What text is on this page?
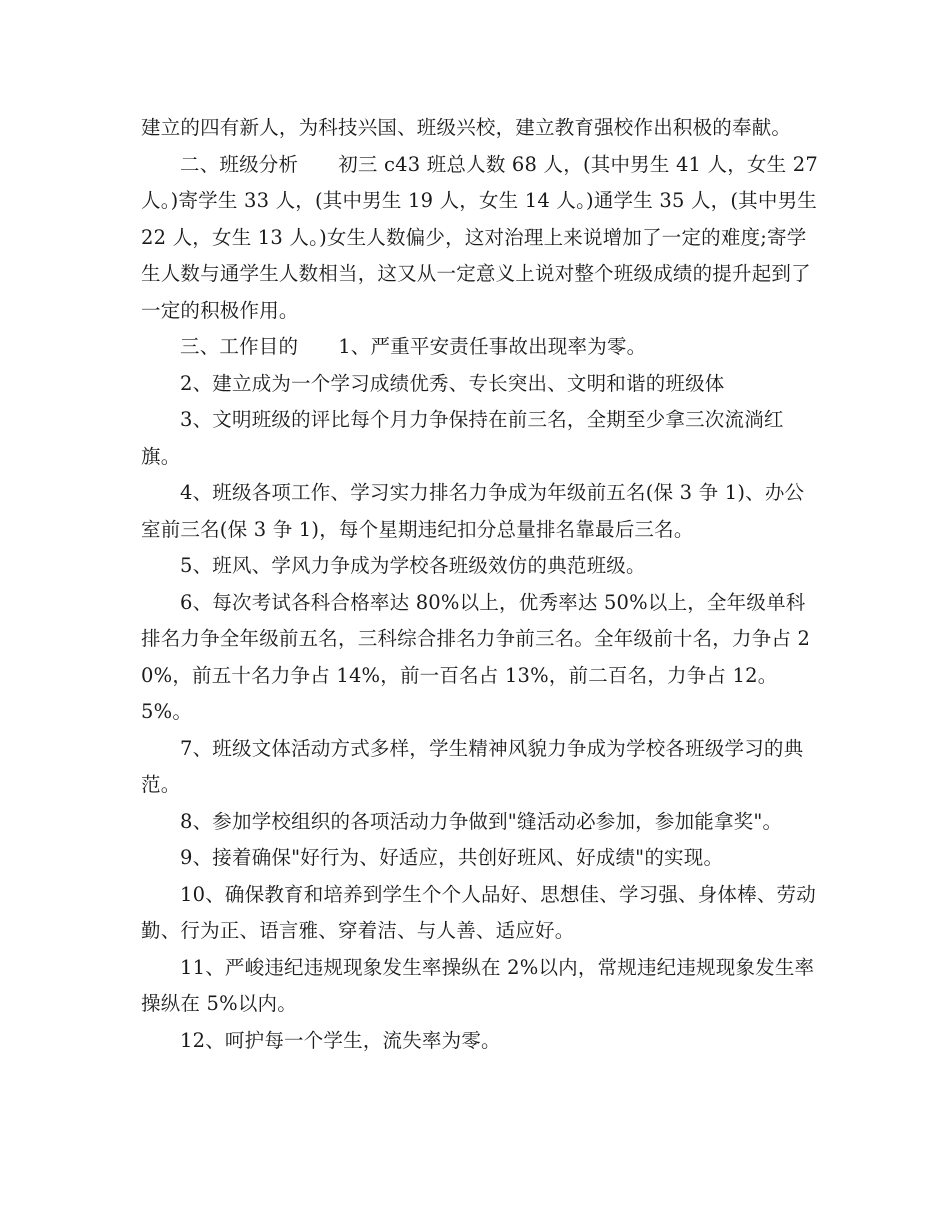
建立的四有新人，为科技兴国、班级兴校，建立教育强校作出积极的奉献。

二、班级分析 初三 c43 班总人数 68 人，(其中男生 41 人，女生 27 人。)寄学生 33 人，(其中男生 19 人，女生 14 人。)通学生 35 人，(其中男生 22 人，女生 13 人。)女生人数偏少，这对治理上来说增加了一定的难度;寄学生人数与通学生人数相当，这又从一定意义上说对整个班级成绩的提升起到了一定的积极作用。

三、工作目的 1、严重平安责任事故出现率为零。

2、建立成为一个学习成绩优秀、专长突出、文明和谐的班级体

3、文明班级的评比每个月力争保持在前三名，全期至少拿三次流淌红旗。

4、班级各项工作、学习实力排名力争成为年级前五名(保 3 争 1)、办公室前三名(保 3 争 1)，每个星期违纪扣分总量排名靠最后三名。

5、班风、学风力争成为学校各班级效仿的典范班级。

6、每次考试各科合格率达 80%以上，优秀率达 50%以上，全年级单科排名力争全年级前五名，三科综合排名力争前三名。全年级前十名，力争占 20%，前五十名力争占 14%，前一百名占 13%，前二百名，力争占 12。5%。

7、班级文体活动方式多样，学生精神风貌力争成为学校各班级学习的典范。

8、参加学校组织的各项活动力争做到"缝活动必参加，参加能拿奖"。

9、接着确保"好行为、好适应，共创好班风、好成绩"的实现。

10、确保教育和培养到学生个个人品好、思想佳、学习强、身体棒、劳动勤、行为正、语言雅、穿着洁、与人善、适应好。

11、严峻违纪违规现象发生率操纵在 2%以内，常规违纪违规现象发生率操纵在 5%以内。

12、呵护每一个学生，流失率为零。
